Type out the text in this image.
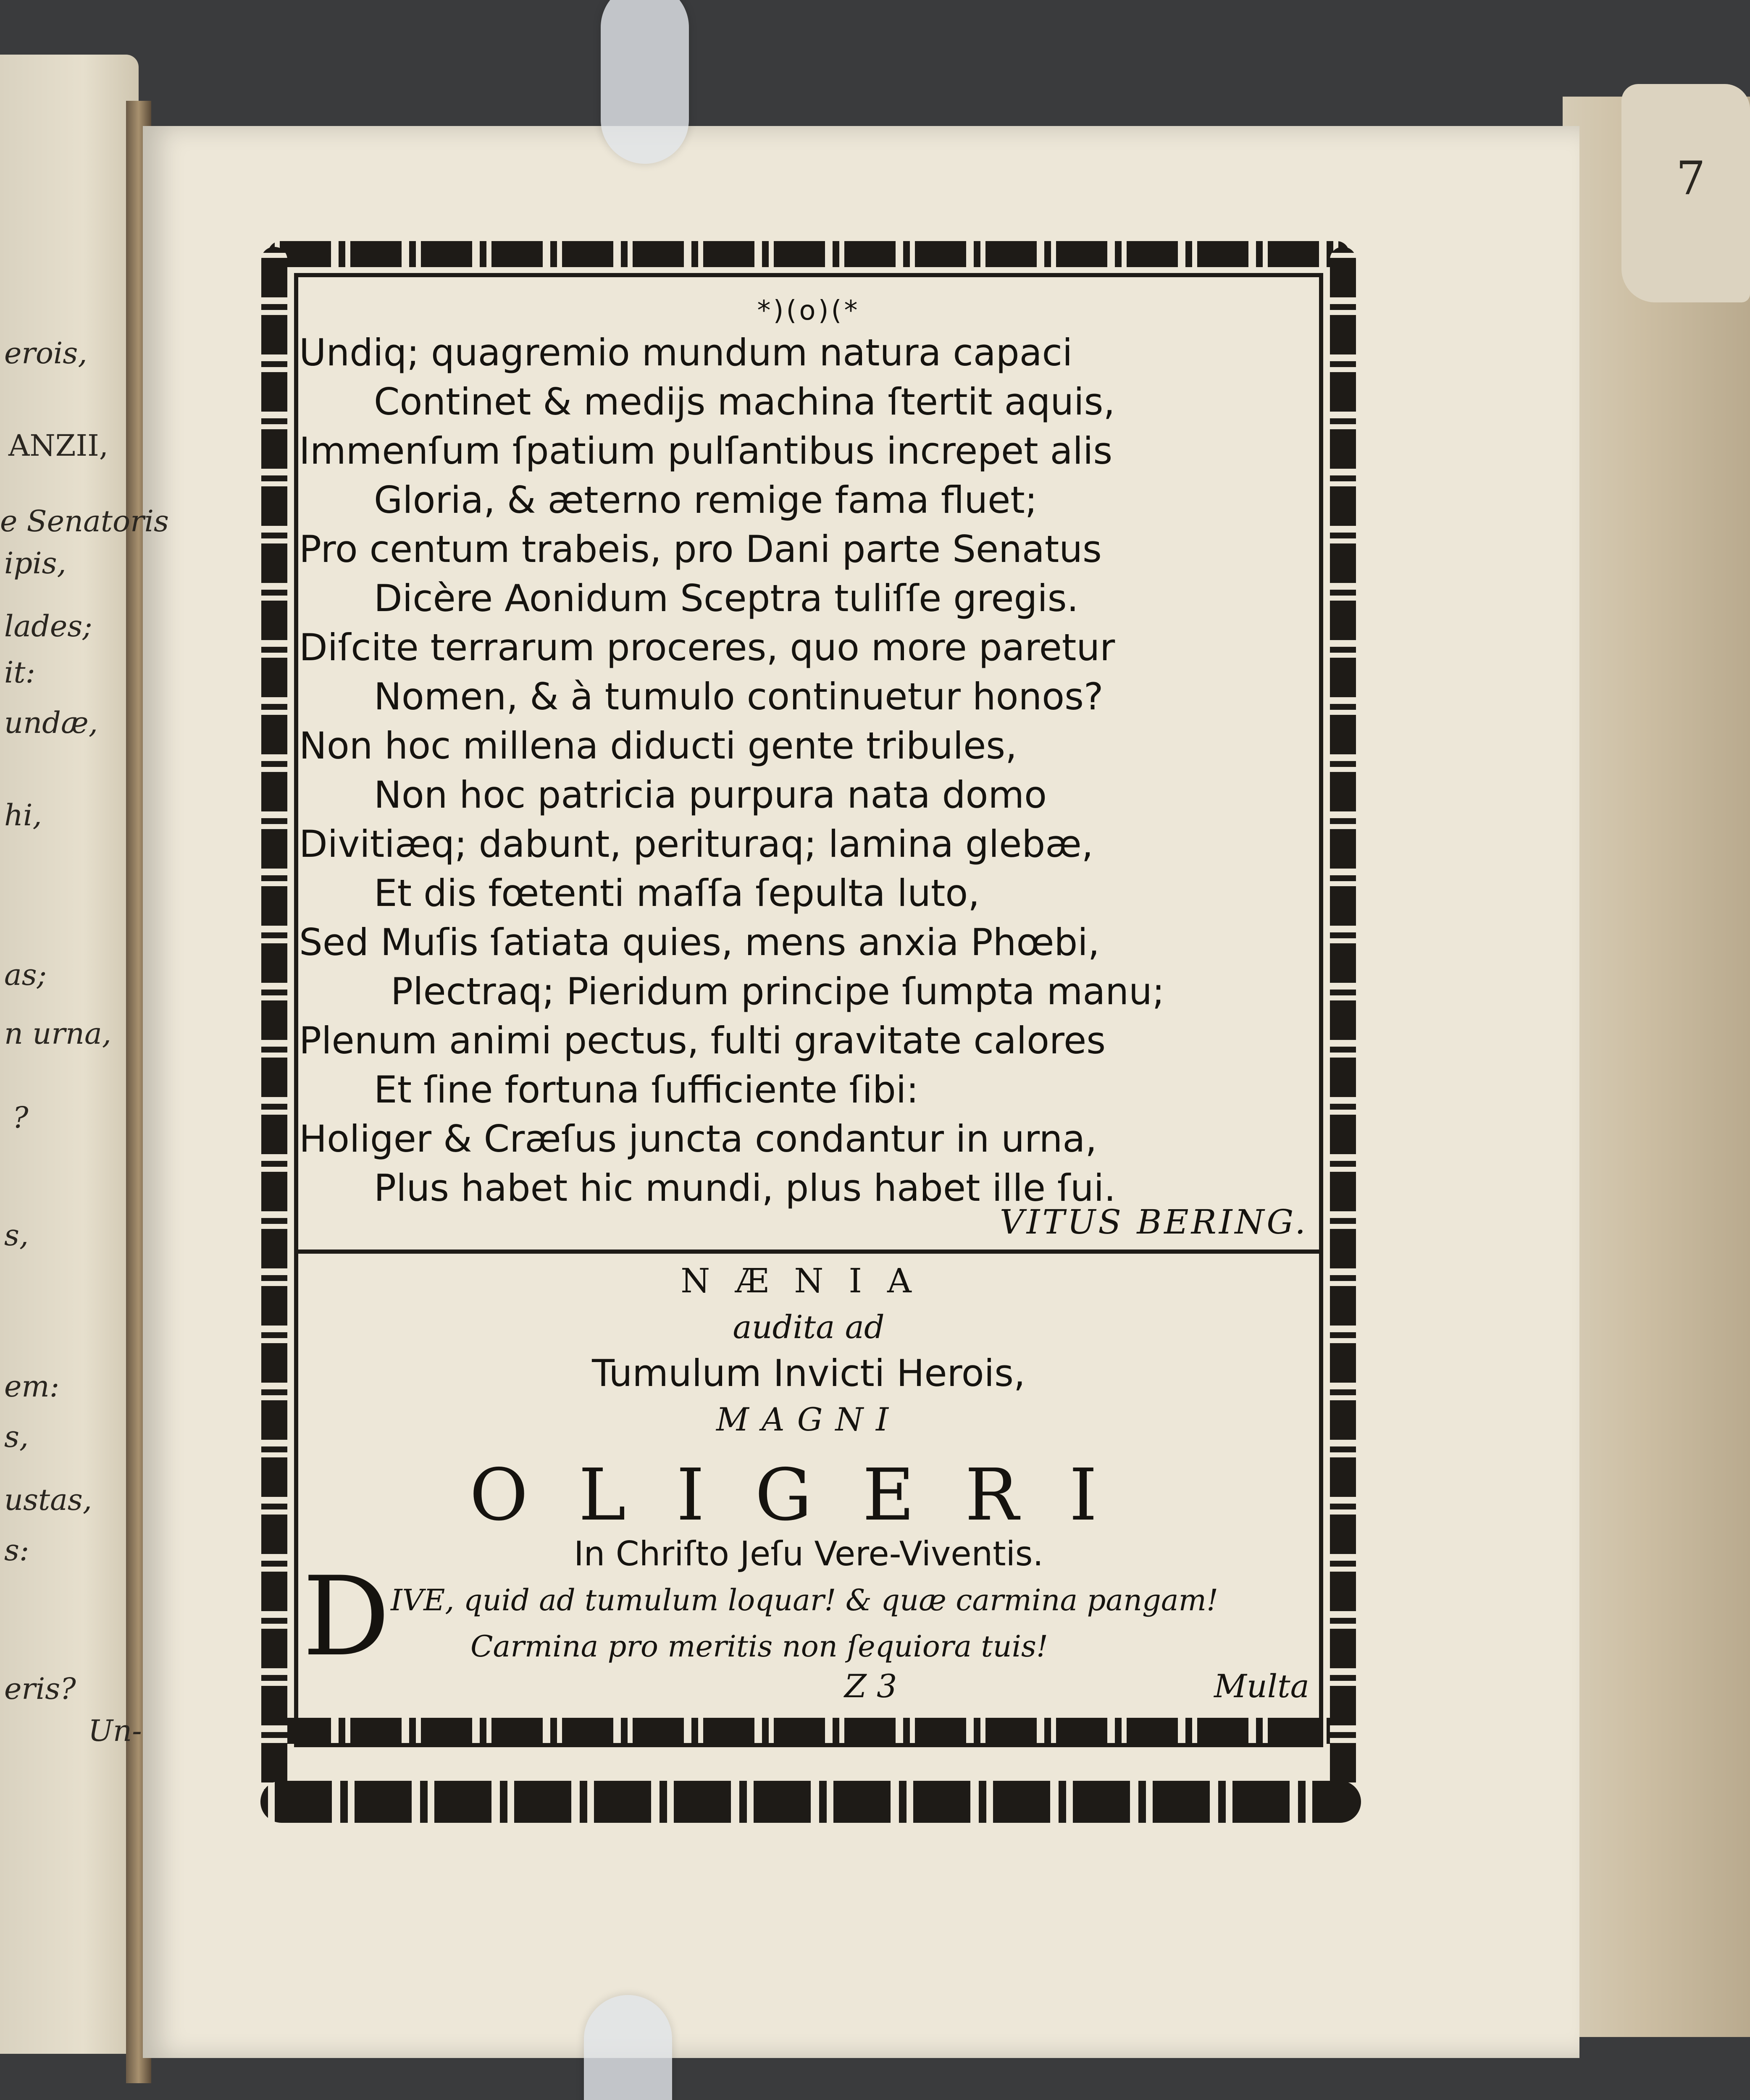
7
erois,
ANZII,
e Senatoris
ipis,
lades;
it:
undæ,
hi,
as;
n urna,
?
s,
em:
s,
ustas,
s:
eris?
Un-
*)(o)(*
Undiq; quagremio mundum natura capaci
Continet & medijs machina ſtertit aquis,
Immenſum ſpatium pulſantibus increpet alis
Gloria, & æterno remige fama fluet;
Pro centum trabeis, pro Dani parte Senatus
Dicère Aonidum Sceptra tuliſſe gregis.
Diſcite terrarum proceres, quo more paretur
Nomen, & à tumulo continuetur honos?
Non hoc millena diducti gente tribules,
Non hoc patricia purpura nata domo
Divitiæq; dabunt, perituraq; lamina glebæ,
Et dis fœtenti maſſa ſepulta luto,
Sed Muſis ſatiata quies, mens anxia Phœbi,
Plectraq; Pieridum principe ſumpta manu;
Plenum animi pectus, fulti gravitate calores
Et ſine fortuna ſufficiente ſibi:
Holiger & Cræſus juncta condantur in urna,
Plus habet hic mundi, plus habet ille ſui.
VITUS BERING.
NÆNIA
audita ad
Tumulum Invicti Herois,
MAGNI
OLIGERI
In Chriſto Jeſu Vere-Viventis.
D IVE, quid ad tumulum loquar! & quæ carmina pangam!
Carmina pro meritis non ſequiora tuis!
Z 3	Multa
